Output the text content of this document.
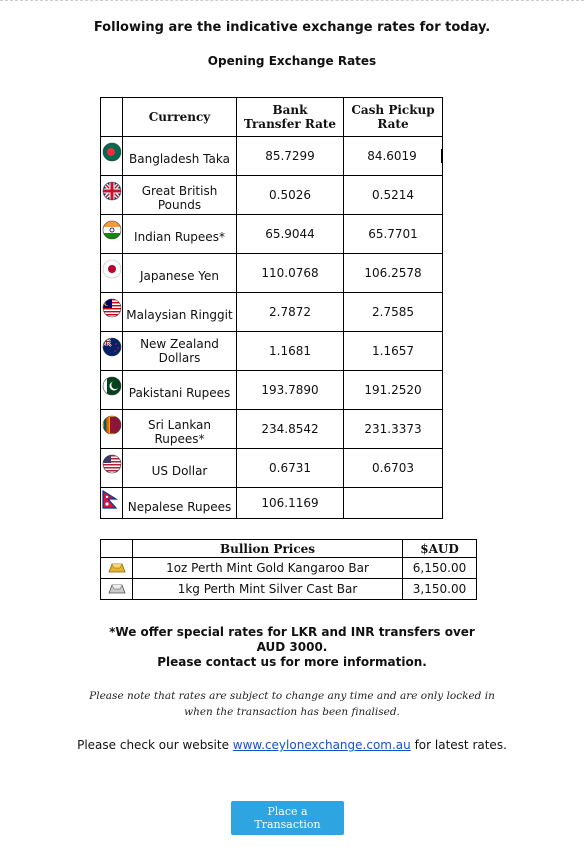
Following are the indicative exchange rates for today.
Opening Exchange Rates
	Currency	Bank Transfer Rate	Cash Pickup Rate

Bangladesh Taka	85.7299	84.6019

Great British Pounds	0.5026	0.5214

Indian Rupees*	65.9044	65.7701

Japanese Yen	110.0768	106.2578

Malaysian Ringgit	2.7872	2.7585

New Zealand Dollars	1.1681	1.1657

Pakistani Rupees	193.7890	191.2520

Sri Lankan Rupees*	234.8542	231.3373

US Dollar	0.6731	0.6703

Nepalese Rupees	106.1169	

	Bullion Prices	$AUD

	1oz Perth Mint Gold Kangaroo Bar	6,150.00

	1kg Perth Mint Silver Cast Bar	3,150.00
*We offer special rates for LKR and INR transfers over
AUD 3000.
Please contact us for more information.
Please note that rates are subject to change any time and are only locked in when the transaction has been finalised.
Please check our website www.ceylonexchange.com.au for latest rates.
Place a Transaction
